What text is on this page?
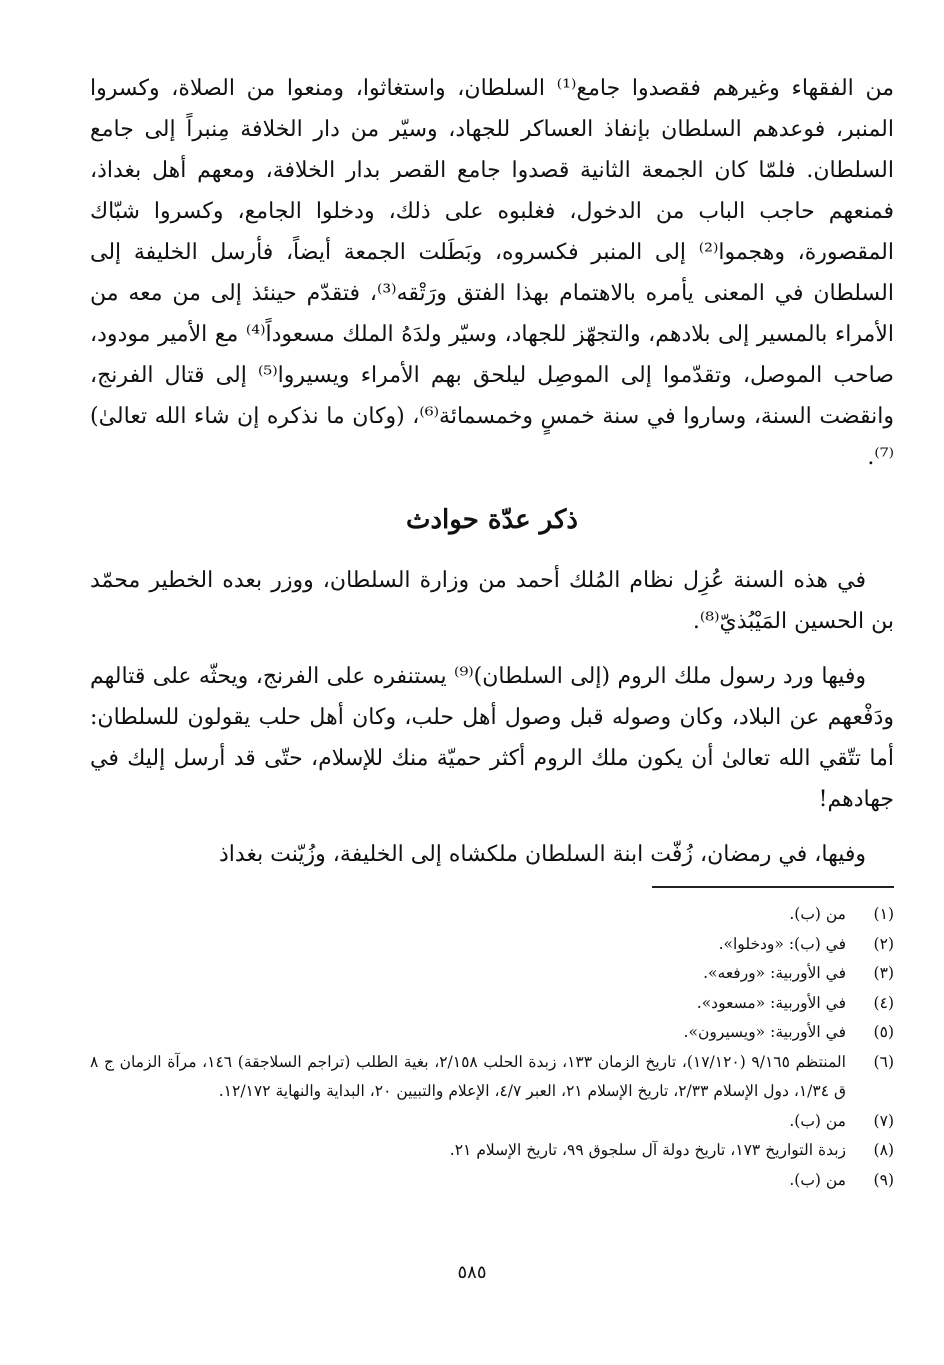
من الفقهاء وغيرهم فقصدوا جامع⁽¹⁾ السلطان، واستغاثوا، ومنعوا من الصلاة، وكسروا المنبر، فوعدهم السلطان بإنفاذ العساكر للجهاد، وسيّر من دار الخلافة مِنبراً إلى جامع السلطان. فلمّا كان الجمعة الثانية قصدوا جامع القصر بدار الخلافة، ومعهم أهل بغداذ، فمنعهم حاجب الباب من الدخول، فغلبوه على ذلك، ودخلوا الجامع، وكسروا شبّاك المقصورة، وهجموا⁽²⁾ إلى المنبر فكسروه، وبَطَلت الجمعة أيضاً، فأرسل الخليفة إلى السلطان في المعنى يأمره بالاهتمام بهذا الفتق ورَتْقه⁽³⁾، فتقدّم حينئذ إلى من معه من الأمراء بالمسير إلى بلادهم، والتجهّز للجهاد، وسيّر ولدَهُ الملك مسعوداً⁽⁴⁾ مع الأمير مودود، صاحب الموصل، وتقدّموا إلى الموصِل ليلحق بهم الأمراء ويسيروا⁽⁵⁾ إلى قتال الفرنج، وانقضت السنة، وساروا في سنة خمسٍ وخمسمائة⁽⁶⁾، (وكان ما نذكره إن شاء الله تعالىٰ)⁽⁷⁾.

ذكر عدّة حوادث

في هذه السنة عُزِل نظام المُلك أحمد من وزارة السلطان، ووزر بعده الخطير محمّد بن الحسين المَيْبُذيّ⁽⁸⁾.

وفيها ورد رسول ملك الروم (إلى السلطان)⁽⁹⁾ يستنفره على الفرنج، ويحثّه على قتالهم ودَفْعهم عن البلاد، وكان وصوله قبل وصول أهل حلب، وكان أهل حلب يقولون للسلطان: أما تتّقي الله تعالىٰ أن يكون ملك الروم أكثر حميّة منك للإسلام، حتّى قد أرسل إليك في جهادهم!

وفيها، في رمضان، زُفّت ابنة السلطان ملكشاه إلى الخليفة، وزُيّنت بغداذ

(١)
من (ب).
(٢)
في (ب): «ودخلوا».
(٣)
في الأوربية: «ورفعه».
(٤)
في الأوربية: «مسعود».
(٥)
في الأوربية: «ويسيرون».
(٦)
المنتظم ٩/١٦٥ (١٧/١٢٠)، تاريخ الزمان ١٣٣، زبدة الحلب ٢/١٥٨، بغية الطلب (تراجم السلاجقة) ١٤٦، مرآة الزمان ج ٨ ق ١/٣٤، دول الإسلام ٢/٣٣، تاريخ الإسلام ٢١، العبر ٤/٧، الإعلام والتبيين ٢٠، البداية والنهاية ١٢/١٧٢.
(٧)
من (ب).
(٨)
زبدة التواريخ ١٧٣، تاريخ دولة آل سلجوق ٩٩، تاريخ الإسلام ٢١.
(٩)
من (ب).
٥٨٥
